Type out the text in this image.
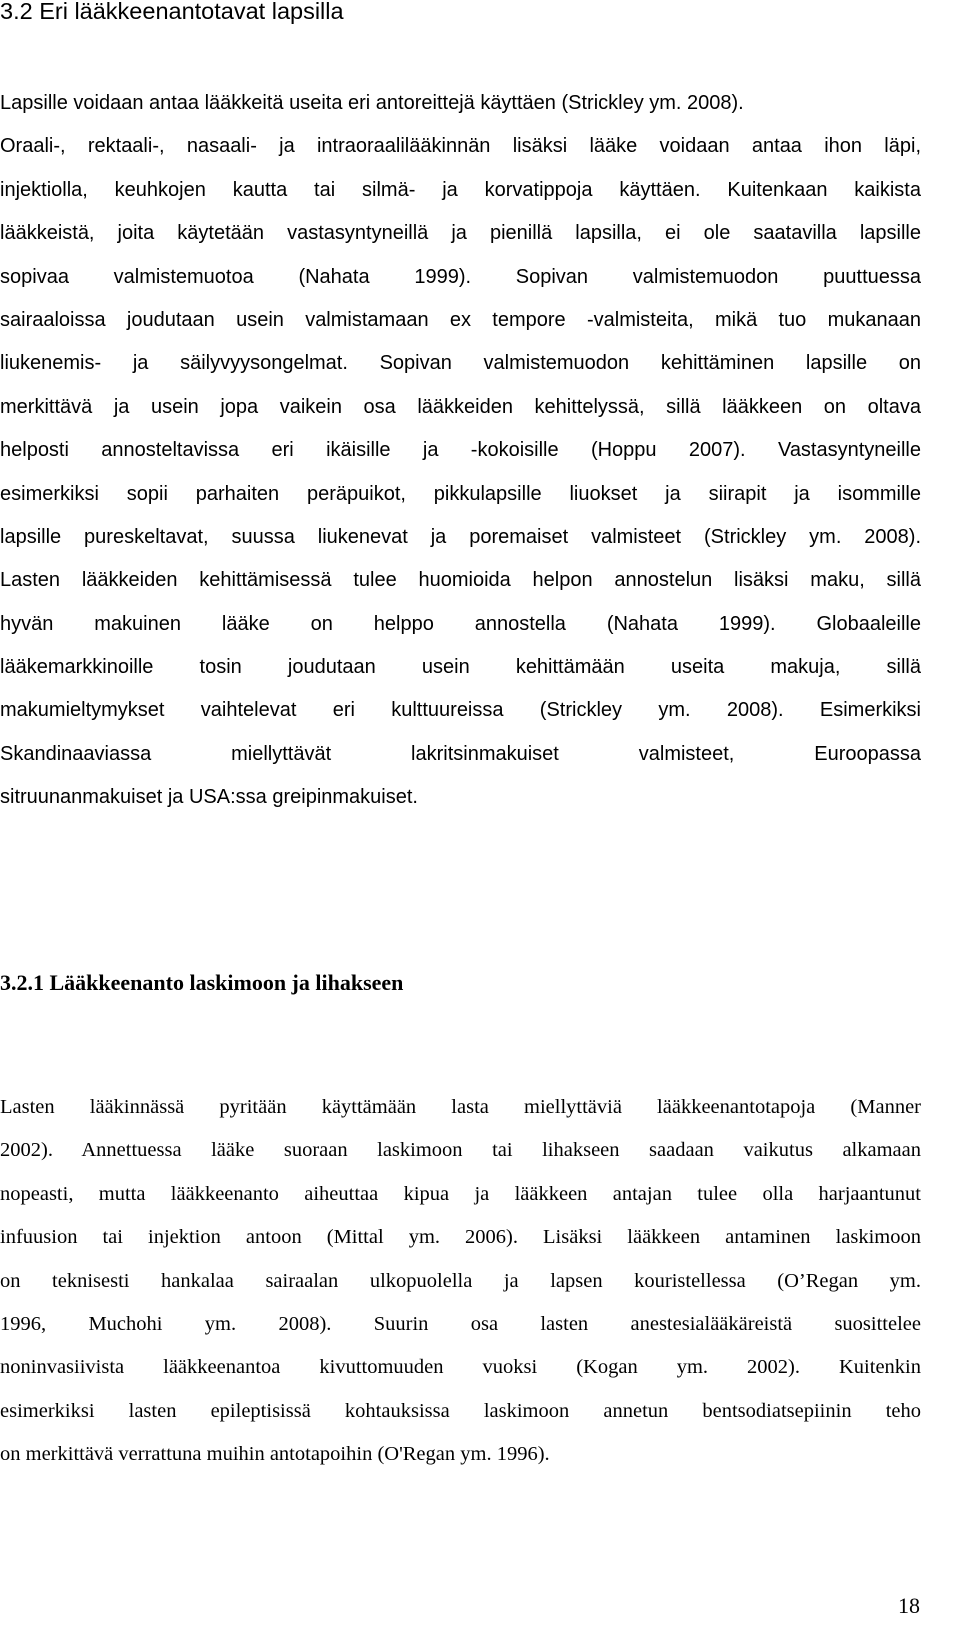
3.2 Eri lääkkeenantotavat lapsilla
Lapsille voidaan antaa lääkkeitä useita eri antoreittejä käyttäen (Strickley ym. 2008).
Oraali-, rektaali-, nasaali- ja intraoraalilääkinnän lisäksi lääke voidaan antaa ihon läpi,
injektiolla, keuhkojen kautta tai silmä- ja korvatippoja käyttäen. Kuitenkaan kaikista
lääkkeistä, joita käytetään vastasyntyneillä ja pienillä lapsilla, ei ole saatavilla lapsille
sopivaa valmistemuotoa (Nahata 1999). Sopivan valmistemuodon puuttuessa
sairaaloissa joudutaan usein valmistamaan ex tempore -valmisteita, mikä tuo mukanaan
liukenemis- ja säilyvyysongelmat. Sopivan valmistemuodon kehittäminen lapsille on
merkittävä ja usein jopa vaikein osa lääkkeiden kehittelyssä, sillä lääkkeen on oltava
helposti annosteltavissa eri ikäisille ja -kokoisille (Hoppu 2007). Vastasyntyneille
esimerkiksi sopii parhaiten peräpuikot, pikkulapsille liuokset ja siirapit ja isommille
lapsille pureskeltavat, suussa liukenevat ja poremaiset valmisteet (Strickley ym. 2008).
Lasten lääkkeiden kehittämisessä tulee huomioida helpon annostelun lisäksi maku, sillä
hyvän makuinen lääke on helppo annostella (Nahata 1999). Globaaleille
lääkemarkkinoille tosin joudutaan usein kehittämään useita makuja, sillä
makumieltymykset vaihtelevat eri kulttuureissa (Strickley ym. 2008). Esimerkiksi
Skandinaaviassa miellyttävät lakritsinmakuiset valmisteet, Euroopassa
sitruunanmakuiset ja USA:ssa greipinmakuiset.
3.2.1 Lääkkeenanto laskimoon ja lihakseen
Lasten lääkinnässä pyritään käyttämään lasta miellyttäviä lääkkeenantotapoja (Manner
2002). Annettuessa lääke suoraan laskimoon tai lihakseen saadaan vaikutus alkamaan
nopeasti, mutta lääkkeenanto aiheuttaa kipua ja lääkkeen antajan tulee olla harjaantunut
infuusion tai injektion antoon (Mittal ym. 2006). Lisäksi lääkkeen antaminen laskimoon
on teknisesti hankalaa sairaalan ulkopuolella ja lapsen kouristellessa (O’Regan ym.
1996, Muchohi ym. 2008). Suurin osa lasten anestesialääkäreistä suosittelee
noninvasiivista lääkkeenantoa kivuttomuuden vuoksi (Kogan ym. 2002). Kuitenkin
esimerkiksi lasten epileptisissä kohtauksissa laskimoon annetun bentsodiatsepiinin teho
on merkittävä verrattuna muihin antotapoihin (O'Regan ym. 1996).
18
